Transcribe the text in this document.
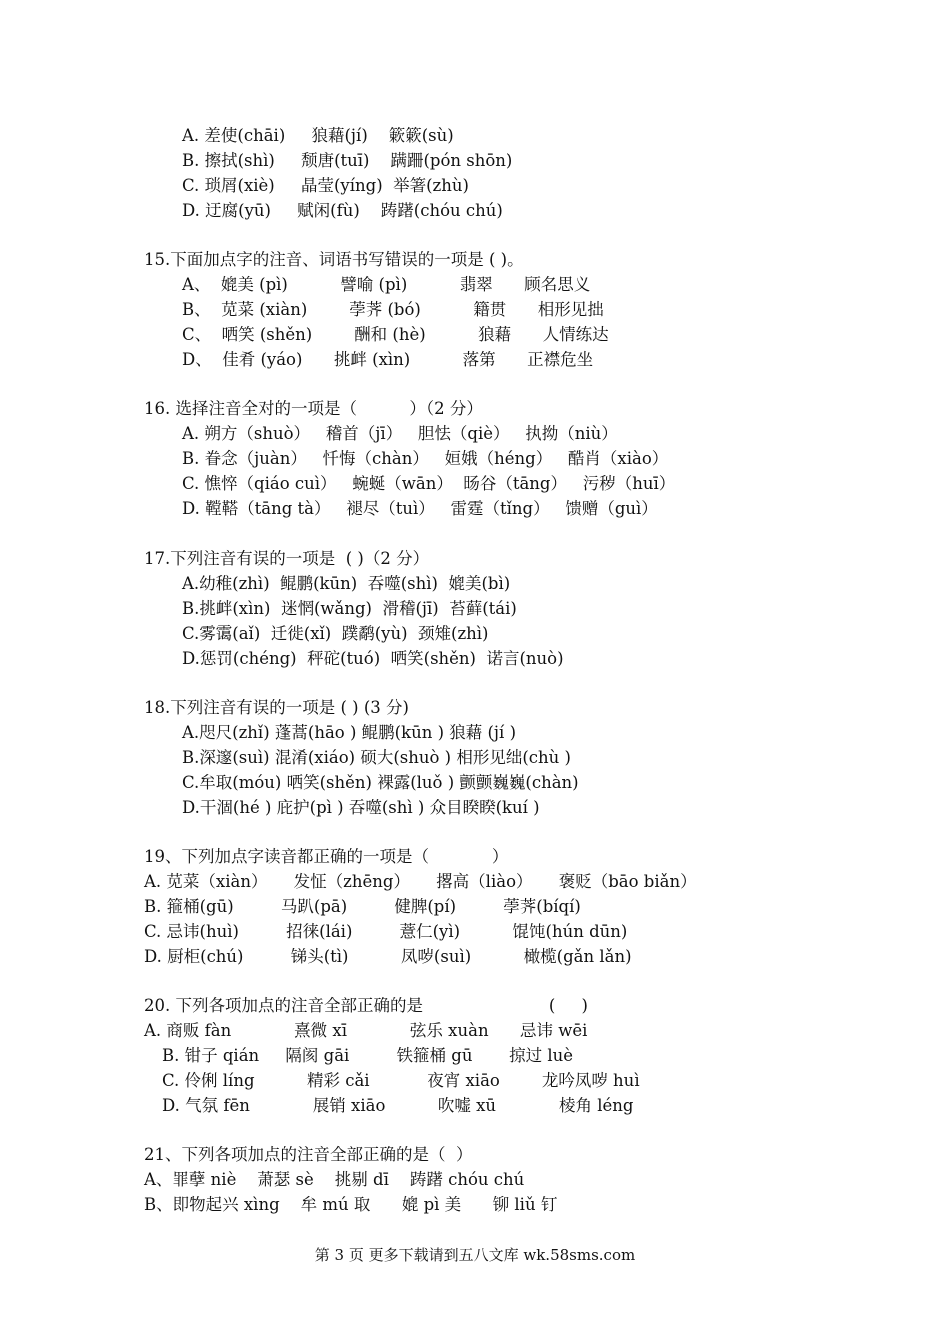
A. 差使(chāi)     狼藉(jí)    簌簌(sù)
B. 擦拭(shì)     颓唐(tuī)    蹒跚(pón shōn)
C. 琐屑(xiè)     晶莹(yíng)  举箸(zhù)
D. 迂腐(yū)     赋闲(fù)    踌躇(chóu chú)
15.下面加点字的注音、词语书写错误的一项是 ( )。
A、  媲美 (pì)          譬喻 (pì)          翡翠      顾名思义
B、  苋菜 (xiàn)        荸荠 (bó)          籍贯      相形见拙
C、  哂笑 (shěn)        酬和 (hè)          狼藉      人情练达
D、  佳肴 (yáo)      挑衅 (xìn)          落第      正襟危坐
16. 选择注音全对的一项是（          ）（2 分）
A. 朔方（shuò）   稽首（jī）   胆怯（qiè）   执拗（niù）
B. 眷念（juàn）   忏悔（chàn）   姮娥（héng）   酷肖（xiào）
C. 憔悴（qiáo cuì）   蜿蜒（wān）  旸谷（tāng）   污秽（huī）
D. 鞺鞳（tāng tà）   褪尽（tuì）   雷霆（tǐng）   馈赠（guì）
17.下列注音有误的一项是  ( )（2 分）
A.幼稚(zhì)  鲲鹏(kūn)  吞噬(shì)  媲美(bì)
B.挑衅(xìn)  迷惘(wǎng)  滑稽(jī)  苔藓(tái)
C.雾霭(aǐ)  迁徙(xǐ)  蹼鹬(yù)  颈雉(zhì)
D.惩罚(chéng)  秤砣(tuó)  哂笑(shěn)  诺言(nuò)
18.下列注音有误的一项是 ( ) (3 分)
A.咫尺(zhǐ) 蓬蒿(hāo ) 鲲鹏(kūn ) 狼藉 (jí )
B.深邃(suì) 混淆(xiáo) 硕大(shuò ) 相形见绌(chù )
C.牟取(móu) 哂笑(shěn) 裸露(luǒ ) 颤颤巍巍(chàn)
D.干涸(hé ) 庇护(pì ) 吞噬(shì ) 众目睽睽(kuí )
19、下列加点字读音都正确的一项是（            ）
A. 苋菜（xiàn）     发怔（zhēng）     撂高（liào）     褒贬（bāo biǎn）
B. 箍桶(gū)         马趴(pā)         健脾(pí)         荸荠(bíqí)
C. 忌讳(huì)         招徕(lái)         薏仁(yì)          馄饨(hún dūn)
D. 厨柜(chú)         锑头(tì)          凤哕(suì)          橄榄(gǎn lǎn)
20. 下列各项加点的注音全部正确的是                        (     )
A. 商贩 fàn            熹微 xī            弦乐 xuàn      忌讳 wēi
B. 钳子 qián     隔阂 gāi         铁箍桶 gū       掠过 luè
C. 伶俐 líng          精彩 cǎi           夜宵 xiāo        龙吟凤哕 huì
D. 气氛 fēn            展销 xiāo          吹嘘 xū            棱角 léng
21、下列各项加点的注音全部正确的是（  ）
A、罪孽 niè    萧瑟 sè    挑剔 dī    踌躇 chóu chú
B、即物起兴 xìng    牟 mú 取      媲 pì 美      铆 liǔ 钉
第 3 页 更多下载请到五八文库 wk.58sms.com
